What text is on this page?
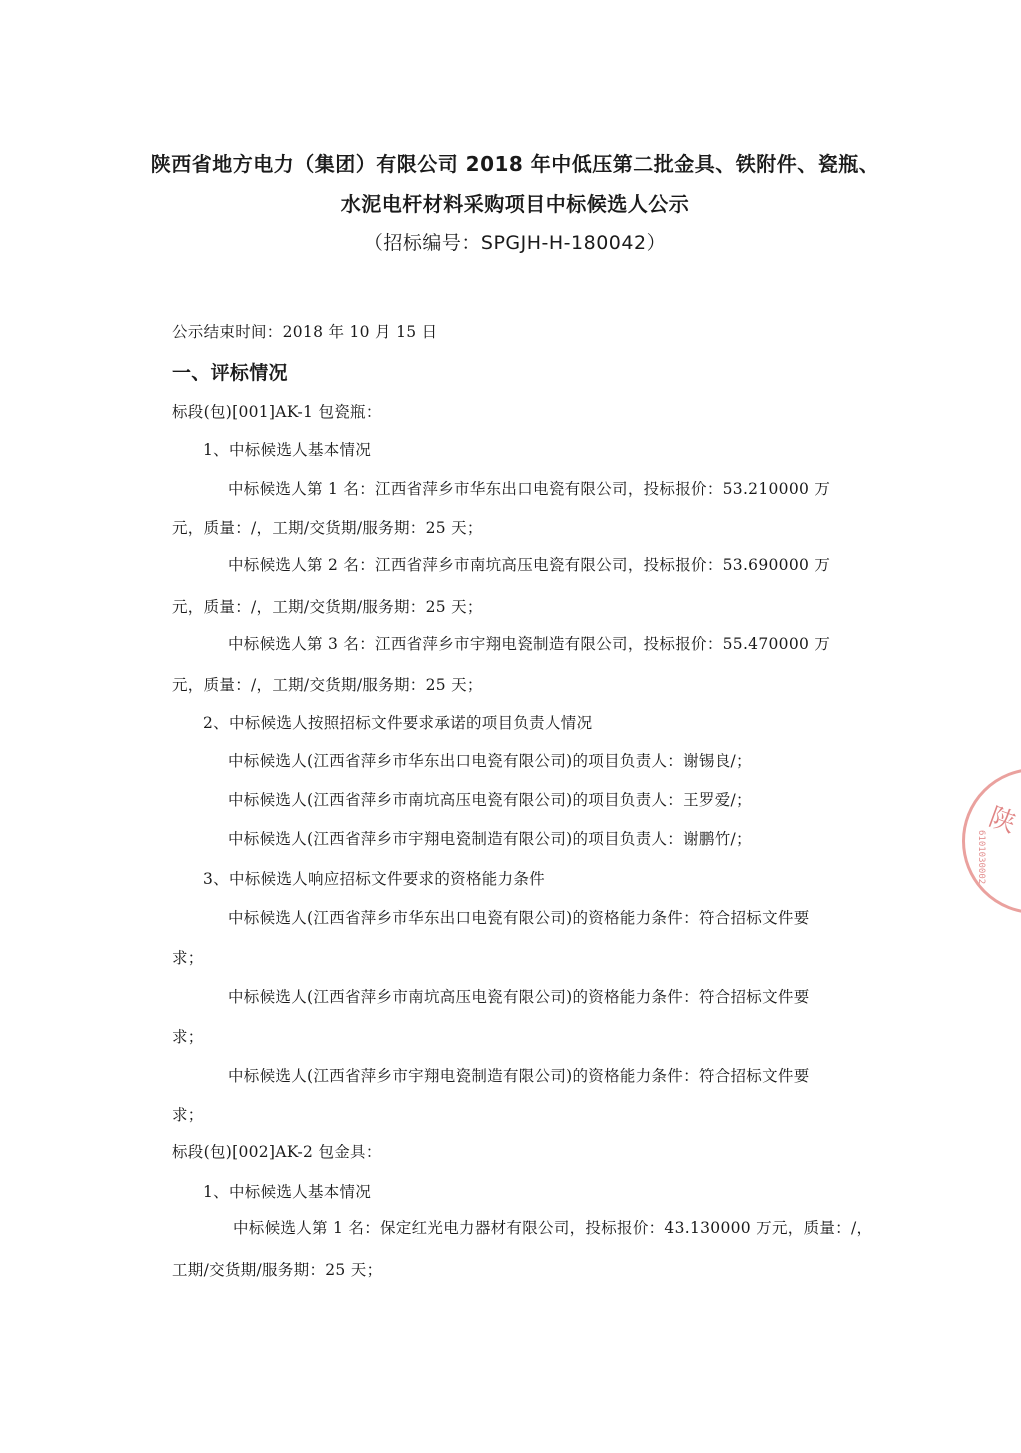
陕西省地方电力（集团）有限公司 2018 年中低压第二批金具、铁附件、瓷瓶、
水泥电杆材料采购项目中标候选人公示
（招标编号：SPGJH-H-180042）
公示结束时间：2018 年 10 月 15 日
一、评标情况
标段(包)[001]AK-1 包瓷瓶：
1、中标候选人基本情况
中标候选人第 1 名：江西省萍乡市华东出口电瓷有限公司，投标报价：53.210000 万
元，质量：/，工期/交货期/服务期：25 天；
中标候选人第 2 名：江西省萍乡市南坑高压电瓷有限公司，投标报价：53.690000 万
元，质量：/，工期/交货期/服务期：25 天；
中标候选人第 3 名：江西省萍乡市宇翔电瓷制造有限公司，投标报价：55.470000 万
元，质量：/，工期/交货期/服务期：25 天；
2、中标候选人按照招标文件要求承诺的项目负责人情况
中标候选人(江西省萍乡市华东出口电瓷有限公司)的项目负责人：谢锡良/；
中标候选人(江西省萍乡市南坑高压电瓷有限公司)的项目负责人：王罗爱/；
中标候选人(江西省萍乡市宇翔电瓷制造有限公司)的项目负责人：谢鹏竹/；
3、中标候选人响应招标文件要求的资格能力条件
中标候选人(江西省萍乡市华东出口电瓷有限公司)的资格能力条件：符合招标文件要
求；
中标候选人(江西省萍乡市南坑高压电瓷有限公司)的资格能力条件：符合招标文件要
求；
中标候选人(江西省萍乡市宇翔电瓷制造有限公司)的资格能力条件：符合招标文件要
求；
标段(包)[002]AK-2 包金具：
1、中标候选人基本情况
中标候选人第 1 名：保定红光电力器材有限公司，投标报价：43.130000 万元，质量：/，
工期/交货期/服务期：25 天；
陕
6101030002
